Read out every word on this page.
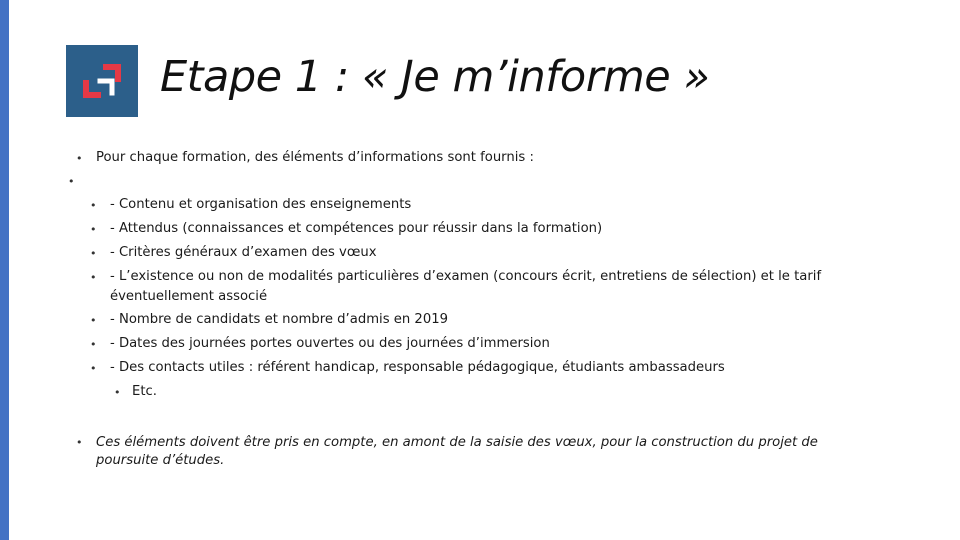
Etape 1 : « Je m’informe »
• Pour chaque formation, des éléments d’informations sont fournis :
•
• - Contenu et organisation des enseignements
• - Attendus (connaissances et compétences pour réussir dans la formation)
• - Critères généraux d’examen des vœux
• - L’existence ou non de modalités particulières d’examen (concours écrit, entretiens de sélection) et le tarif
éventuellement associé
• - Nombre de candidats et nombre d’admis en 2019
• - Dates des journées portes ouvertes ou des journées d’immersion
• - Des contacts utiles : référent handicap, responsable pédagogique, étudiants ambassadeurs
• Etc.
• Ces éléments doivent être pris en compte, en amont de la saisie des vœux, pour la construction du projet de poursuite d’études.
